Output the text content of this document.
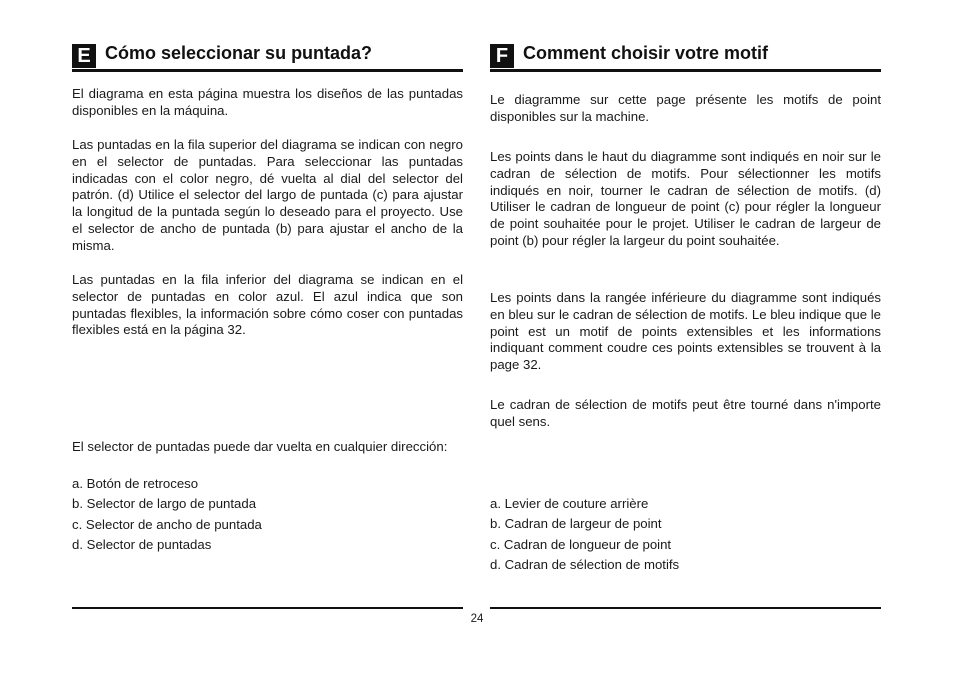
E Cómo seleccionar su puntada?

El diagrama en esta página muestra los diseños de las puntadas disponibles en la máquina.

Las puntadas en la fila superior del diagrama se indican con negro en el selector de puntadas. Para seleccionar las puntadas indicadas con el color negro, dé vuelta al dial del selector del patrón. (d) Utilice el selector del largo de puntada (c) para ajustar la longitud de la puntada según lo deseado para el proyecto. Use el selector de ancho de puntada (b) para ajustar el ancho de la misma.

Las puntadas en la fila inferior del diagrama se indican en el selector de puntadas en color azul. El azul indica que son puntadas flexibles, la información sobre cómo coser con puntadas flexibles está en la página 32.

El selector de puntadas puede dar vuelta en cualquier dirección:

a. Botón de retroceso
b. Selector de largo de puntada
c. Selector de ancho de puntada
d. Selector de puntadas
F Comment choisir votre motif

Le diagramme sur cette page présente les motifs de point disponibles sur la machine.

Les points dans le haut du diagramme sont indiqués en noir sur le cadran de sélection de motifs. Pour sélectionner les motifs indiqués en noir, tourner le cadran de sélection de motifs. (d) Utiliser le cadran de longueur de point (c) pour régler la longueur de point souhaitée pour le projet. Utiliser le cadran de largeur de point (b) pour régler la largeur du point souhaitée.

Les points dans la rangée inférieure du diagramme sont indiqués en bleu sur le cadran de sélection de motifs. Le bleu indique que le point est un motif de points extensibles et les informations indiquant comment coudre ces points extensibles se trouvent à la page 32.

Le cadran de sélection de motifs peut être tourné dans n'importe quel sens.

a. Levier de couture arrière
b. Cadran de largeur de point
c. Cadran de longueur de point
d. Cadran de sélection de motifs
24
